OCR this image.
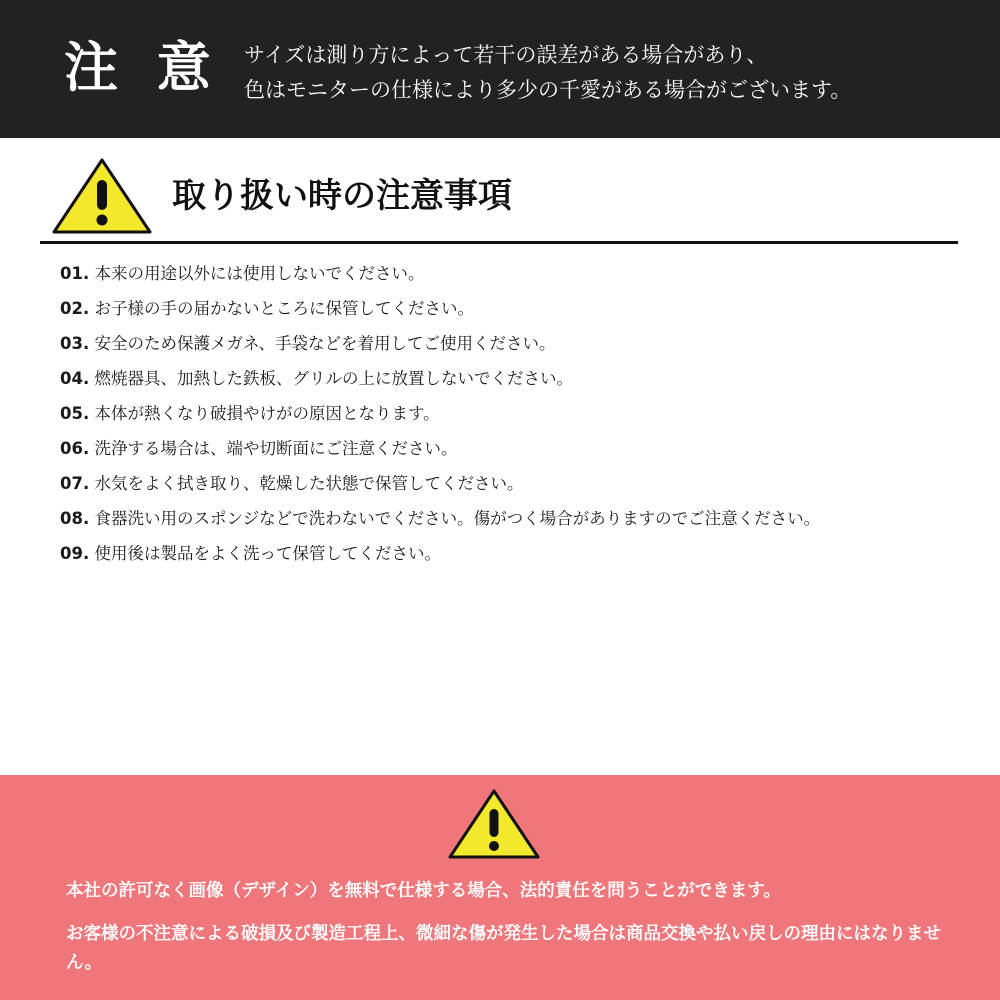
注 意 サイズは測り方によって若干の誤差がある場合があり、
色はモニターの仕様により多少の千愛がある場合がございます。
取り扱い時の注意事項
01. 本来の用途以外には使用しないでください。
02. お子様の手の届かないところに保管してください。
03. 安全のため保護メガネ、手袋などを着用してご使用ください。
04. 燃焼器具、加熱した鉄板、グリルの上に放置しないでください。
05. 本体が熱くなり破損やけがの原因となります。
06. 洗浄する場合は、端や切断面にご注意ください。
07. 水気をよく拭き取り、乾燥した状態で保管してください。
08. 食器洗い用のスポンジなどで洗わないでください。傷がつく場合がありますのでご注意ください。
09. 使用後は製品をよく洗って保管してください。
本社の許可なく画像（デザイン）を無料で仕様する場合、法的責任を問うことができます。
お客様の不注意による破損及び製造工程上、微細な傷が発生した場合は商品交換や払い戻しの理由にはなりません。
